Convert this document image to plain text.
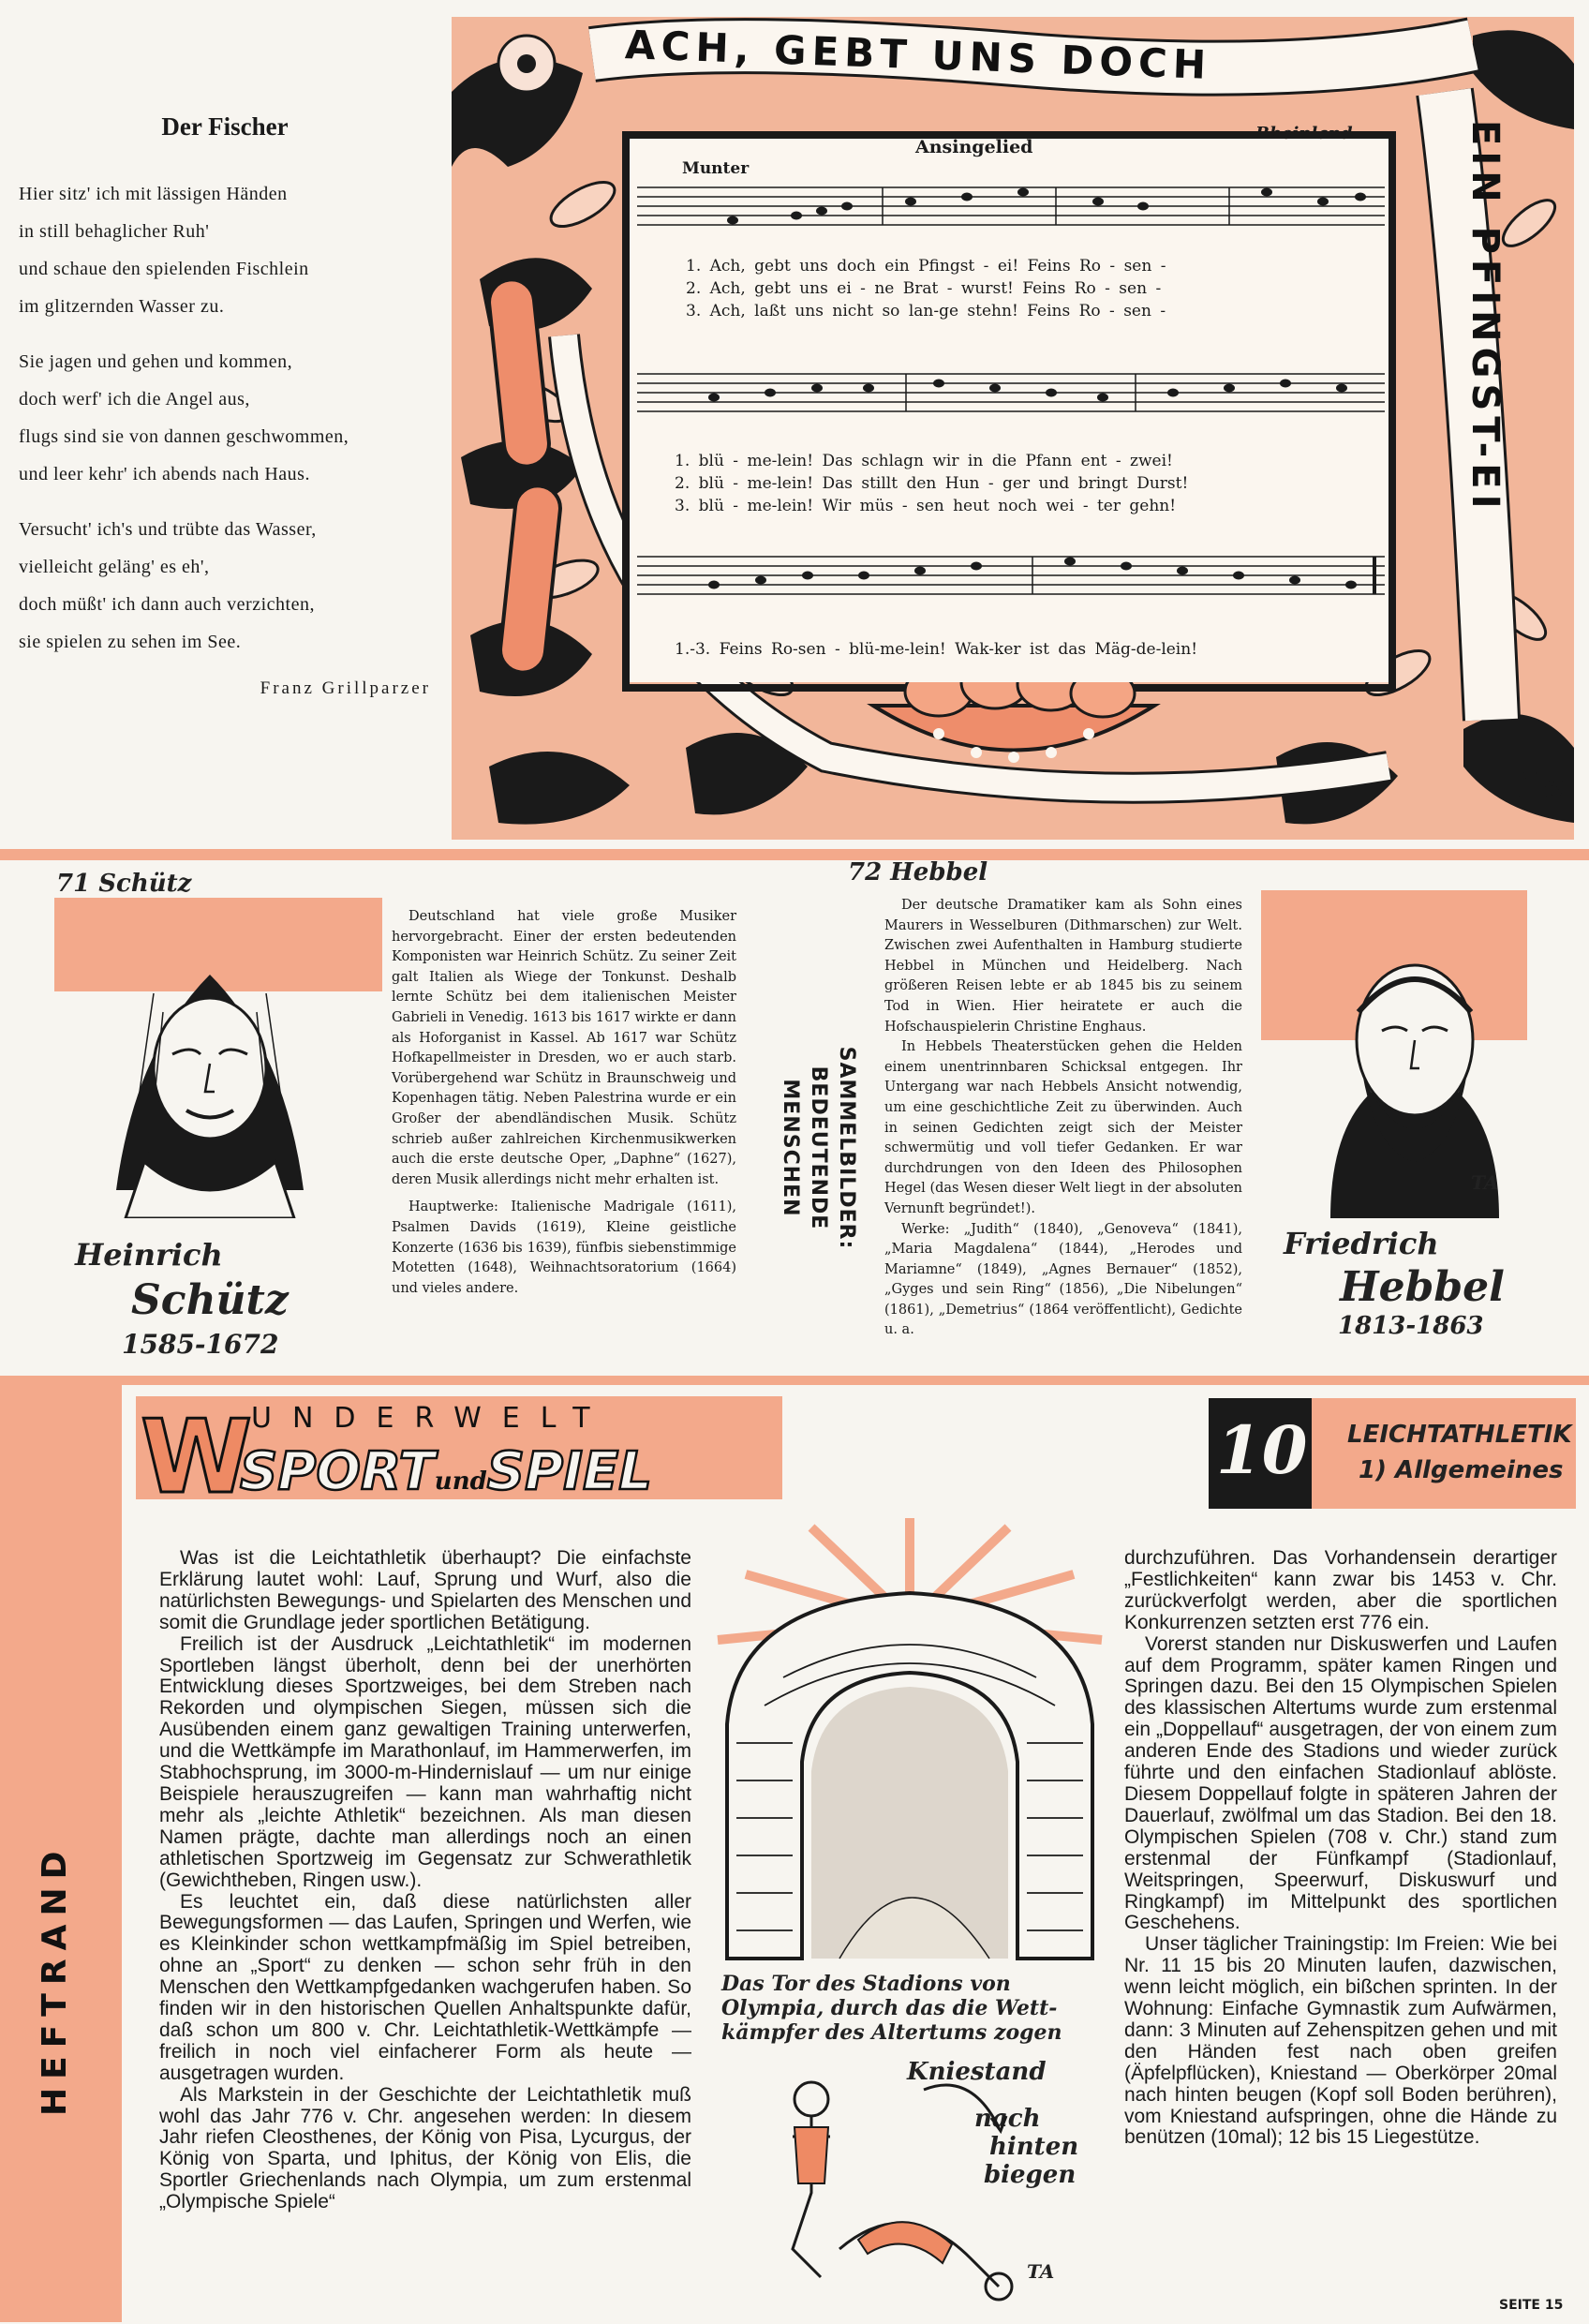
Der Fischer
Hier sitz' ich mit lässigen Händen
in still behaglicher Ruh'
und schaue den spielenden Fischlein
im glitzernden Wasser zu.
Sie jagen und gehen und kommen,
doch werf' ich die Angel aus,
flugs sind sie von dannen geschwommen,
und leer kehr' ich abends nach Haus.
Versucht' ich's und trübte das Wasser,
vielleicht geläng' es eh',
doch müßt' ich dann auch verzichten,
sie spielen zu sehen im See.
Franz Grillparzer
ACH, GEBT UNS DOCH
EIN PFINGST-EI
Le
Ansingelied
Rheinland
Munter
1. Ach, gebt uns doch ein Pfingst - ei! Feins Ro - sen -
2. Ach, gebt uns ei - ne Brat - wurst! Feins Ro - sen -
3. Ach, laßt uns nicht so lan-ge stehn! Feins Ro - sen -
1. blü - me-lein! Das schlagn wir in die Pfann ent - zwei!
2. blü - me-lein! Das stillt den Hun - ger und bringt Durst!
3. blü - me-lein! Wir müs - sen heut noch wei - ter gehn!
1.-3. Feins Ro-sen - blü-me-lein! Wak-ker ist das Mäg-de-lein!
71 Schütz
Heinrich
Schütz
1585-1672

Deutschland hat viele große Musiker hervorgebracht. Einer der ersten bedeutenden Komponisten war Heinrich Schütz. Zu seiner Zeit galt Italien als Wiege der Tonkunst. Deshalb lernte Schütz bei dem italienischen Meister Gabrieli in Venedig. 1613 bis 1617 wirkte er dann als Hoforganist in Kassel. Ab 1617 war Schütz Hofkapellmeister in Dresden, wo er auch starb. Vorübergehend war Schütz in Braunschweig und Kopenhagen tätig. Neben Palestrina wurde er ein Großer der abendländischen Musik. Schütz schrieb außer zahlreichen Kirchenmusikwerken auch die erste deutsche Oper, „Daphne“ (1627), deren Musik allerdings nicht mehr erhalten ist.

Hauptwerke: Italienische Madrigale (1611), Psalmen Davids (1619), Kleine geistliche Konzerte (1636 bis 1639), fünfbis siebenstimmige Motetten (1648), Weihnachtsoratorium (1664) und vieles andere.

SAMMELBILDER:
BEDEUTENDE MENSCHEN
72 Hebbel

Der deutsche Dramatiker kam als Sohn eines Maurers in Wesselburen (Dithmarschen) zur Welt. Zwischen zwei Aufenthalten in Hamburg studierte Hebbel in München und Heidelberg. Nach größeren Reisen lebte er ab 1845 bis zu seinem Tod in Wien. Hier heiratete er auch die Hofschauspielerin Christine Enghaus.

In Hebbels Theaterstücken gehen die Helden einem unentrinnbaren Schicksal entgegen. Ihr Untergang war nach Hebbels Ansicht notwendig, um eine geschichtliche Zeit zu überwinden. Auch in seinen Gedichten zeigt sich der Meister schwermütig und voll tiefer Gedanken. Er war durchdrungen von den Ideen des Philosophen Hegel (das Wesen dieser Welt liegt in der absoluten Vernunft begründet!).

Werke: „Judith“ (1840), „Genoveva“ (1841), „Maria Magdalena“ (1844), „Herodes und Mariamne“ (1849), „Agnes Bernauer“ (1852), „Gyges und sein Ring“ (1856), „Die Nibelungen“ (1861), „Demetrius“ (1864 veröffentlicht), Gedichte u. a.

TA
Friedrich
Hebbel
1813-1863
HEFTRAND
UNDERWELT
W
SPORTundSPIEL	10 LEICHTATHLETIK
1) Allgemeines

Was ist die Leichtathletik überhaupt? Die einfachste Erklärung lautet wohl: Lauf, Sprung und Wurf, also die natürlichsten Bewegungs- und Spielarten des Menschen und somit die Grundlage jeder sportlichen Betätigung.

Freilich ist der Ausdruck „Leichtathletik“ im modernen Sportleben längst überholt, denn bei der unerhörten Entwicklung dieses Sportzweiges, bei dem Streben nach Rekorden und olympischen Siegen, müssen sich die Ausübenden einem ganz gewaltigen Training unterwerfen, und die Wettkämpfe im Marathonlauf, im Hammerwerfen, im Stabhochsprung, im 3000-m-Hindernislauf — um nur einige Beispiele herauszugreifen — kann man wahrhaftig nicht mehr als „leichte Athletik“ bezeichnen. Als man diesen Namen prägte, dachte man allerdings noch an einen athletischen Sportzweig im Gegensatz zur Schwerathletik (Gewichtheben, Ringen usw.).

Es leuchtet ein, daß diese natürlichsten aller Bewegungsformen — das Laufen, Springen und Werfen, wie es Kleinkinder schon wettkampfmäßig im Spiel betreiben, ohne an „Sport“ zu denken — schon sehr früh in den Menschen den Wettkampfgedanken wachgerufen haben. So finden wir in den historischen Quellen Anhaltspunkte dafür, daß schon um 800 v. Chr. Leichtathletik-Wettkämpfe — freilich in noch viel einfacherer Form als heute — ausgetragen wurden.

Als Markstein in der Geschichte der Leichtathletik muß wohl das Jahr 776 v. Chr. angesehen werden: In diesem Jahr riefen Cleosthenes, der König von Pisa, Lycurgus, der König von Sparta, und Iphitus, der König von Elis, die Sportler Griechenlands nach Olympia, um zum erstenmal „Olympische Spiele“

Das Tor des Stadions von
Olympia, durch das die Wett-
kämpfer des Altertums zogen
Kniestand
nach
hinten
biegen
TA

durchzuführen. Das Vorhandensein derartiger „Festlichkeiten“ kann zwar bis 1453 v. Chr. zurückverfolgt werden, aber die sportlichen Konkurrenzen setzten erst 776 ein.

Vorerst standen nur Diskuswerfen und Laufen auf dem Programm, später kamen Ringen und Springen dazu. Bei den 15 Olympischen Spielen des klassischen Altertums wurde zum erstenmal ein „Doppellauf“ ausgetragen, der von einem zum anderen Ende des Stadions und wieder zurück führte und den einfachen Stadionlauf ablöste. Diesem Doppellauf folgte in späteren Jahren der Dauerlauf, zwölfmal um das Stadion. Bei den 18. Olympischen Spielen (708 v. Chr.) stand zum erstenmal der Fünfkampf (Stadionlauf, Weitspringen, Speerwurf, Diskuswurf und Ringkampf) im Mittelpunkt des sportlichen Geschehens.

Unser täglicher Trainingstip: Im Freien: Wie bei Nr. 11 15 bis 20 Minuten laufen, dazwischen, wenn leicht möglich, ein bißchen sprinten. In der Wohnung: Einfache Gymnastik zum Aufwärmen, dann: 3 Minuten auf Zehenspitzen gehen und mit den Händen fest nach oben greifen (Äpfelpflücken), Kniestand — Oberkörper 20mal nach hinten beugen (Kopf soll Boden berühren), vom Kniestand aufspringen, ohne die Hände zu benützen (10mal); 12 bis 15 Liegestütze.

SEITE 15
